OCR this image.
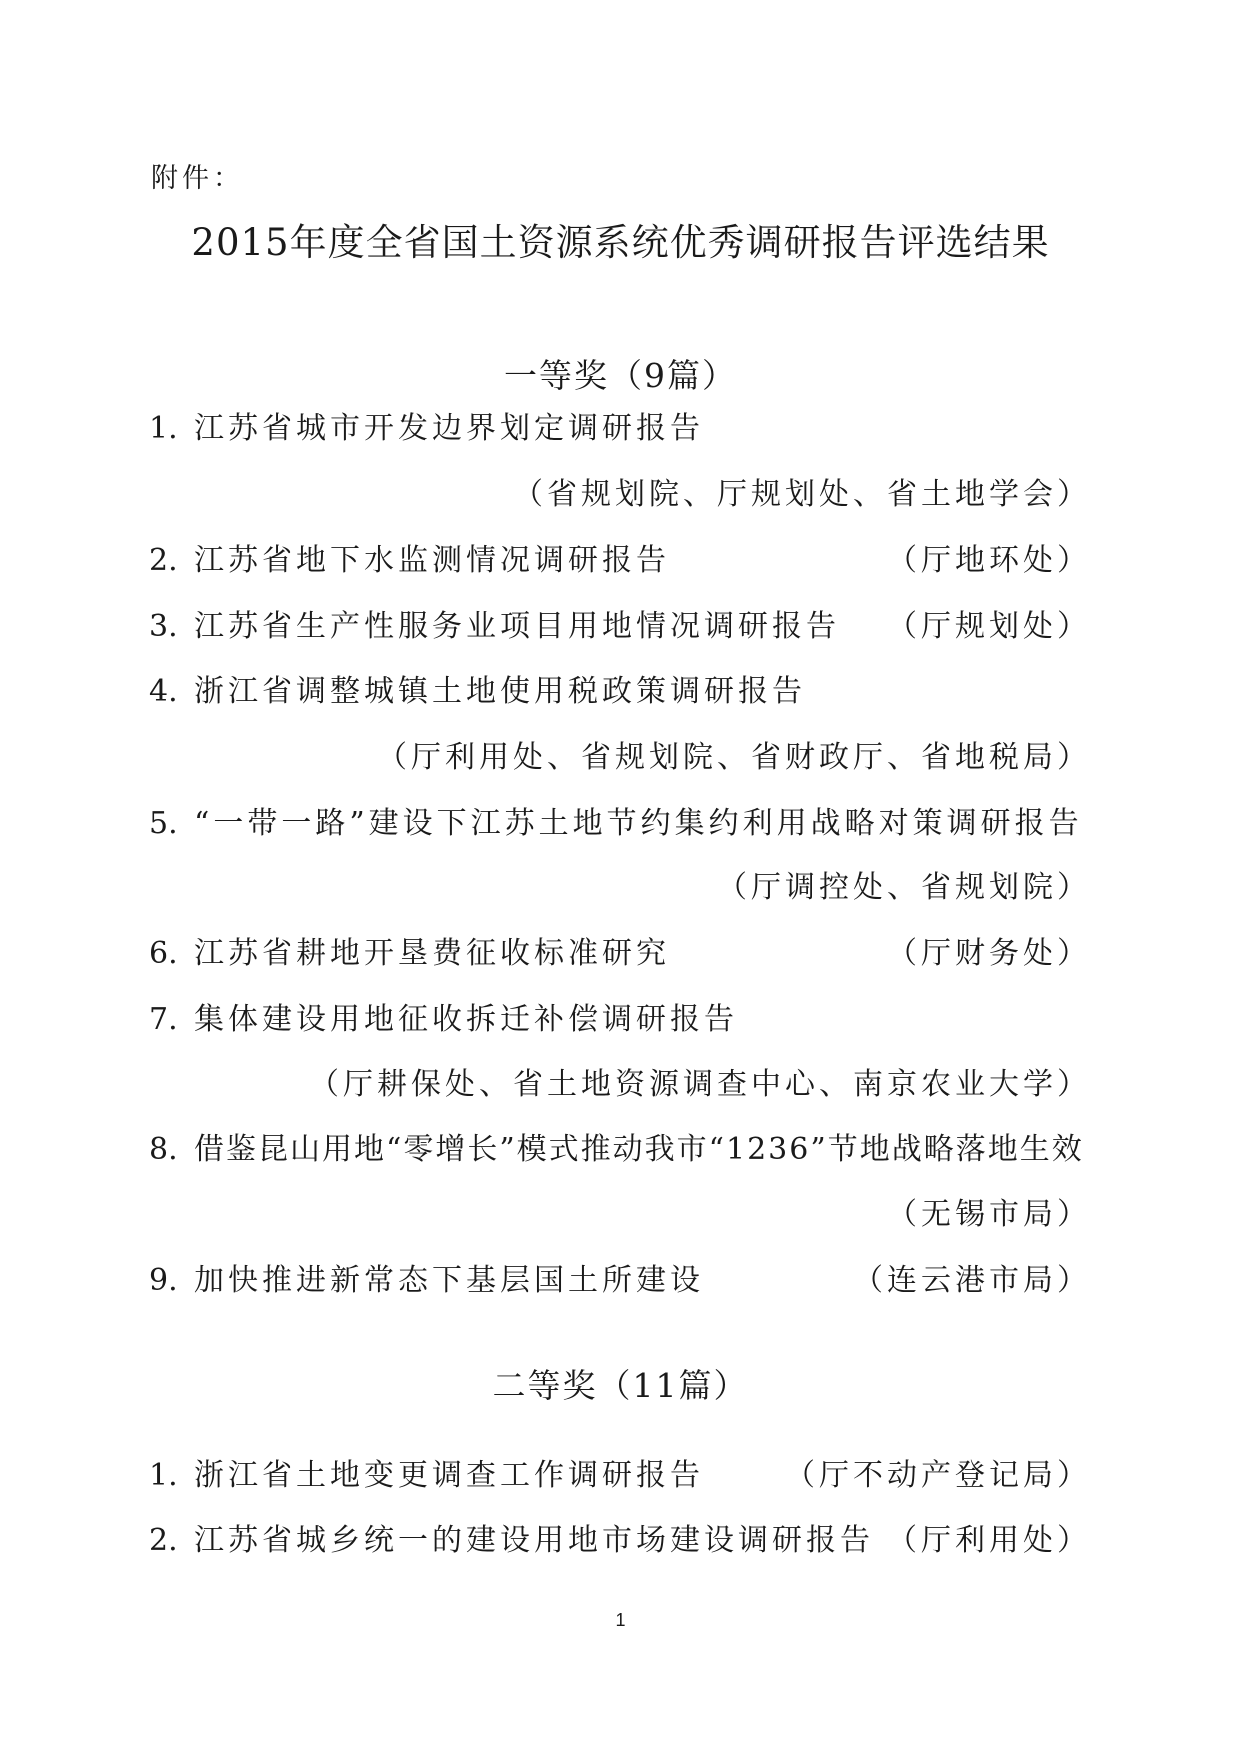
附件：
2015年度全省国土资源系统优秀调研报告评选结果
一等奖（9篇）
1. 江苏省城市开发边界划定调研报告
（省规划院、厅规划处、省土地学会）
2. 江苏省地下水监测情况调研报告	（厅地环处）
3. 江苏省生产性服务业项目用地情况调研报告 （厅规划处）
4. 浙江省调整城镇土地使用税政策调研报告
（厅利用处、省规划院、省财政厅、省地税局）
5. “一带一路”建设下江苏土地节约集约利用战略对策调研报告
（厅调控处、省规划院）
6. 江苏省耕地开垦费征收标准研究	（厅财务处）
7. 集体建设用地征收拆迁补偿调研报告
（厅耕保处、省土地资源调查中心、南京农业大学）
8. 借鉴昆山用地“零增长”模式推动我市“1236”节地战略落地生效
（无锡市局）
9. 加快推进新常态下基层国土所建设	（连云港市局）
二等奖（11篇）
1. 浙江省土地变更调查工作调研报告	（厅不动产登记局）
2. 江苏省城乡统一的建设用地市场建设调研报告 （厅利用处）
1
